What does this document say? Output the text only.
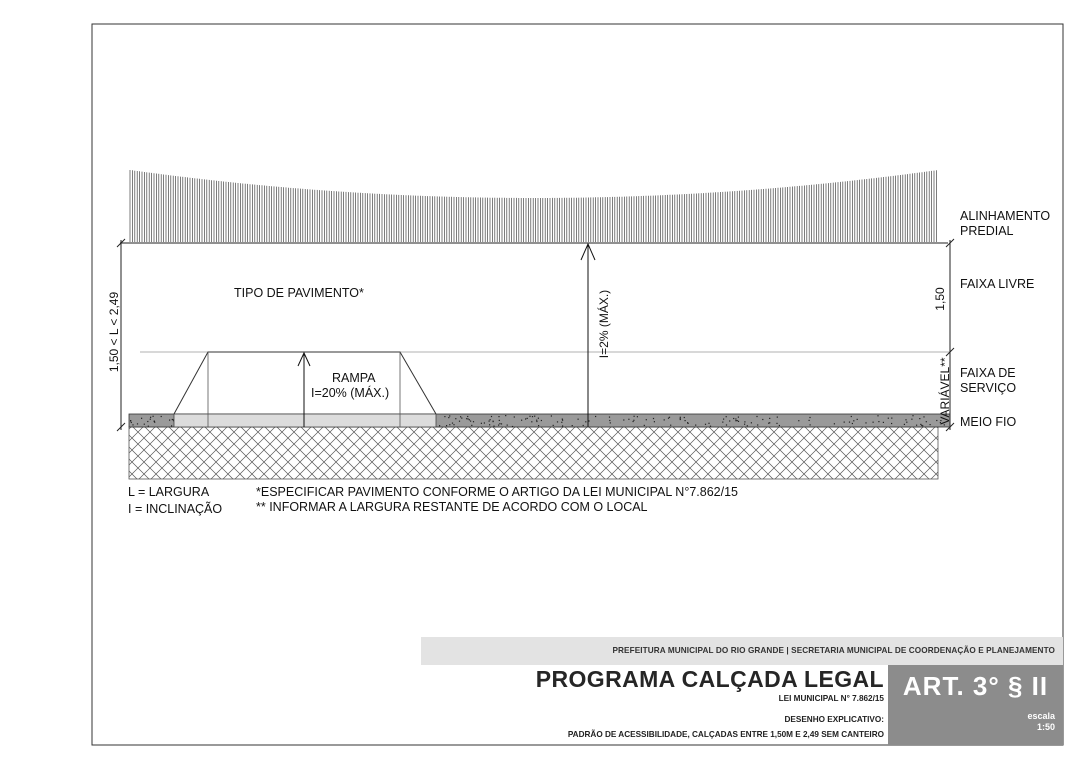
ALINHAMENTO
PREDIAL
FAIXA LIVRE
FAIXA DE
SERVIÇO
MEIO FIO
TIPO DE PAVIMENTO*
RAMPA
I=20% (MÁX.)
1,50 < L < 2,49	1,50
VARIÁVEL**
I=2% (MÁX.)
L = LARGURA
I = INCLINAÇÃO
*ESPECIFICAR PAVIMENTO CONFORME O ARTIGO DA LEI MUNICIPAL N°7.862/15
** INFORMAR A LARGURA RESTANTE DE ACORDO COM O LOCAL
PREFEITURA MUNICIPAL DO RIO GRANDE | SECRETARIA MUNICIPAL DE COORDENAÇÃO E PLANEJAMENTO
PROGRAMA CALÇADA LEGAL
LEI MUNICIPAL N° 7.862/15
DESENHO EXPLICATIVO:
PADRÃO DE ACESSIBILIDADE, CALÇADAS ENTRE 1,50M E 2,49 SEM CANTEIRO
ART. 3° § II
escala
1:50
